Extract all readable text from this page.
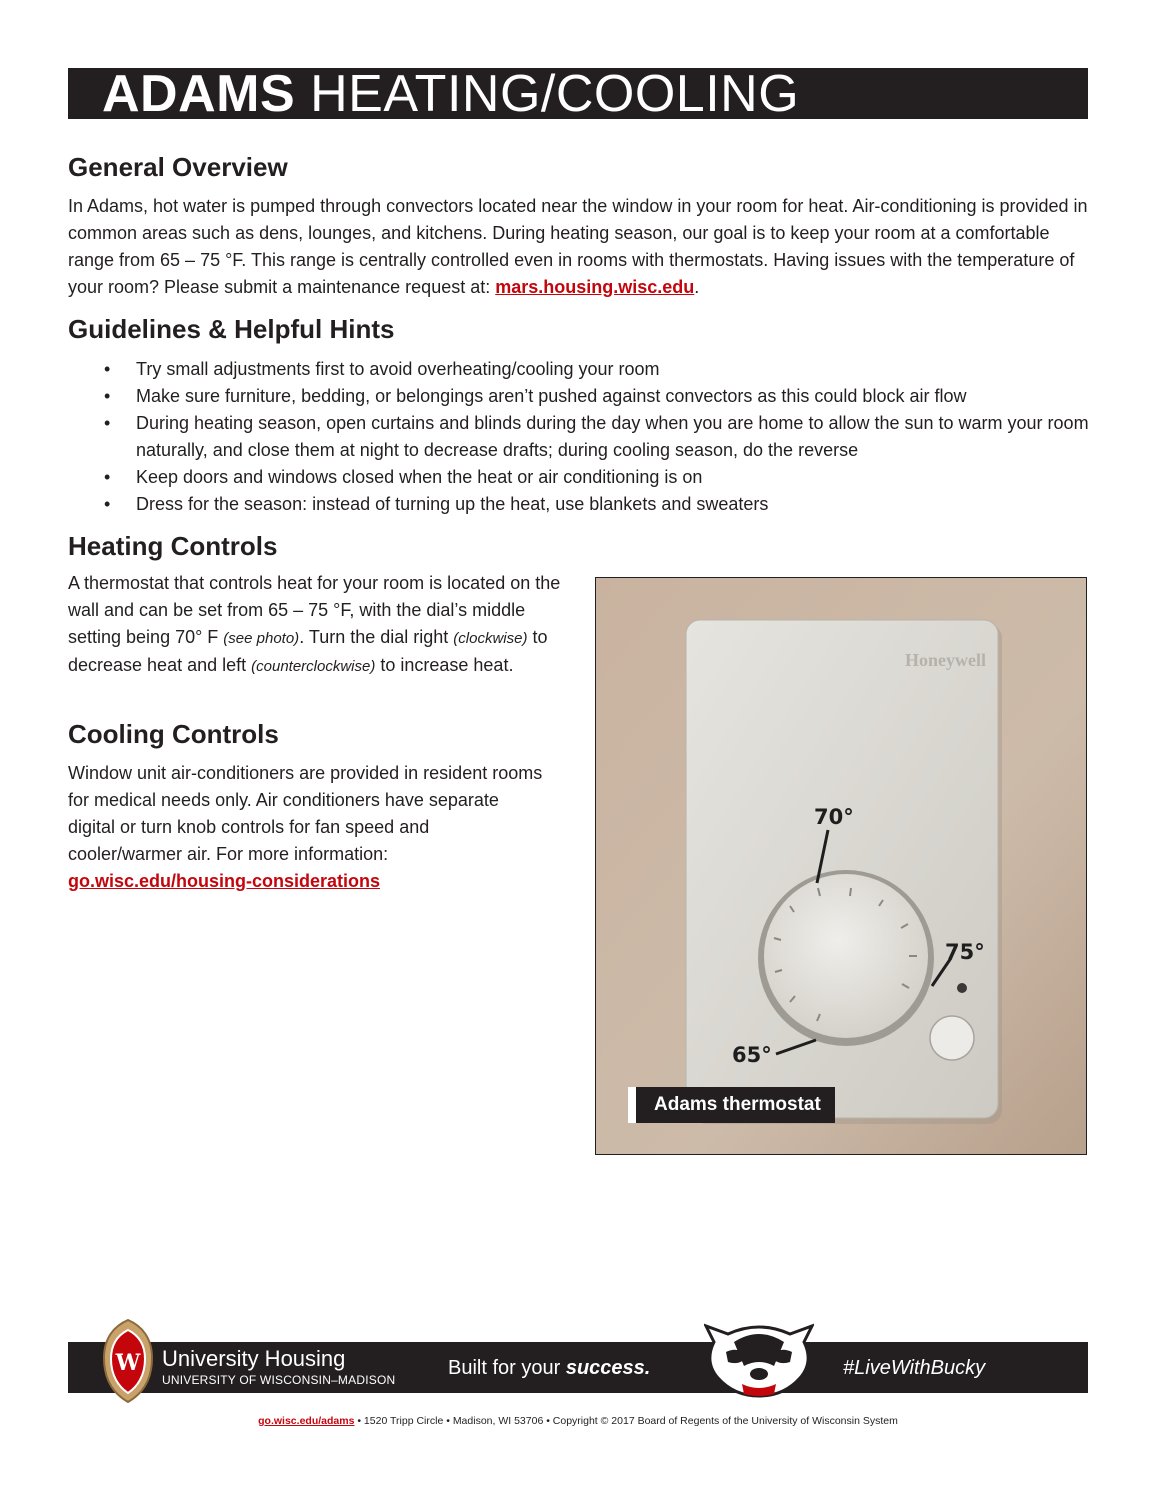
ADAMS HEATING/COOLING
General Overview

In Adams, hot water is pumped through convectors located near the window in your room for heat. Air-conditioning is provided in common areas such as dens, lounges, and kitchens. During heating season, our goal is to keep your room at a comfortable range from 65 – 75 °F. This range is centrally controlled even in rooms with thermostats. Having issues with the temperature of your room? Please submit a maintenance request at: mars.housing.wisc.edu.

Guidelines & Helpful Hints
• Try small adjustments first to avoid overheating/cooling your room
• Make sure furniture, bedding, or belongings aren’t pushed against convectors as this could block air flow
• During heating season, open curtains and blinds during the day when you are home to allow the sun to warm your room naturally, and close them at night to decrease drafts; during cooling season, do the reverse
• Keep doors and windows closed when the heat or air conditioning is on
• Dress for the season: instead of turning up the heat, use blankets and sweaters
Heating Controls

A thermostat that controls heat for your room is located on the wall and can be set from 65 – 75 °F, with the dial’s middle setting being 70° F (see photo). Turn the dial right (clockwise) to decrease heat and left (counterclockwise) to increase heat.

Cooling Controls

Window unit air-conditioners are provided in resident rooms for medical needs only. Air conditioners have separate digital or turn knob controls for fan speed and cooler/warmer air. For more information: go.wisc.edu/housing-considerations

Honeywell
70°
75°
65°
Adams thermostat
W University Housing
UNIVERSITY OF WISCONSIN–MADISON
Built for your success.	#LiveWithBucky
go.wisc.edu/adams • 1520 Tripp Circle • Madison, WI 53706 • Copyright © 2017 Board of Regents of the University of Wisconsin System
